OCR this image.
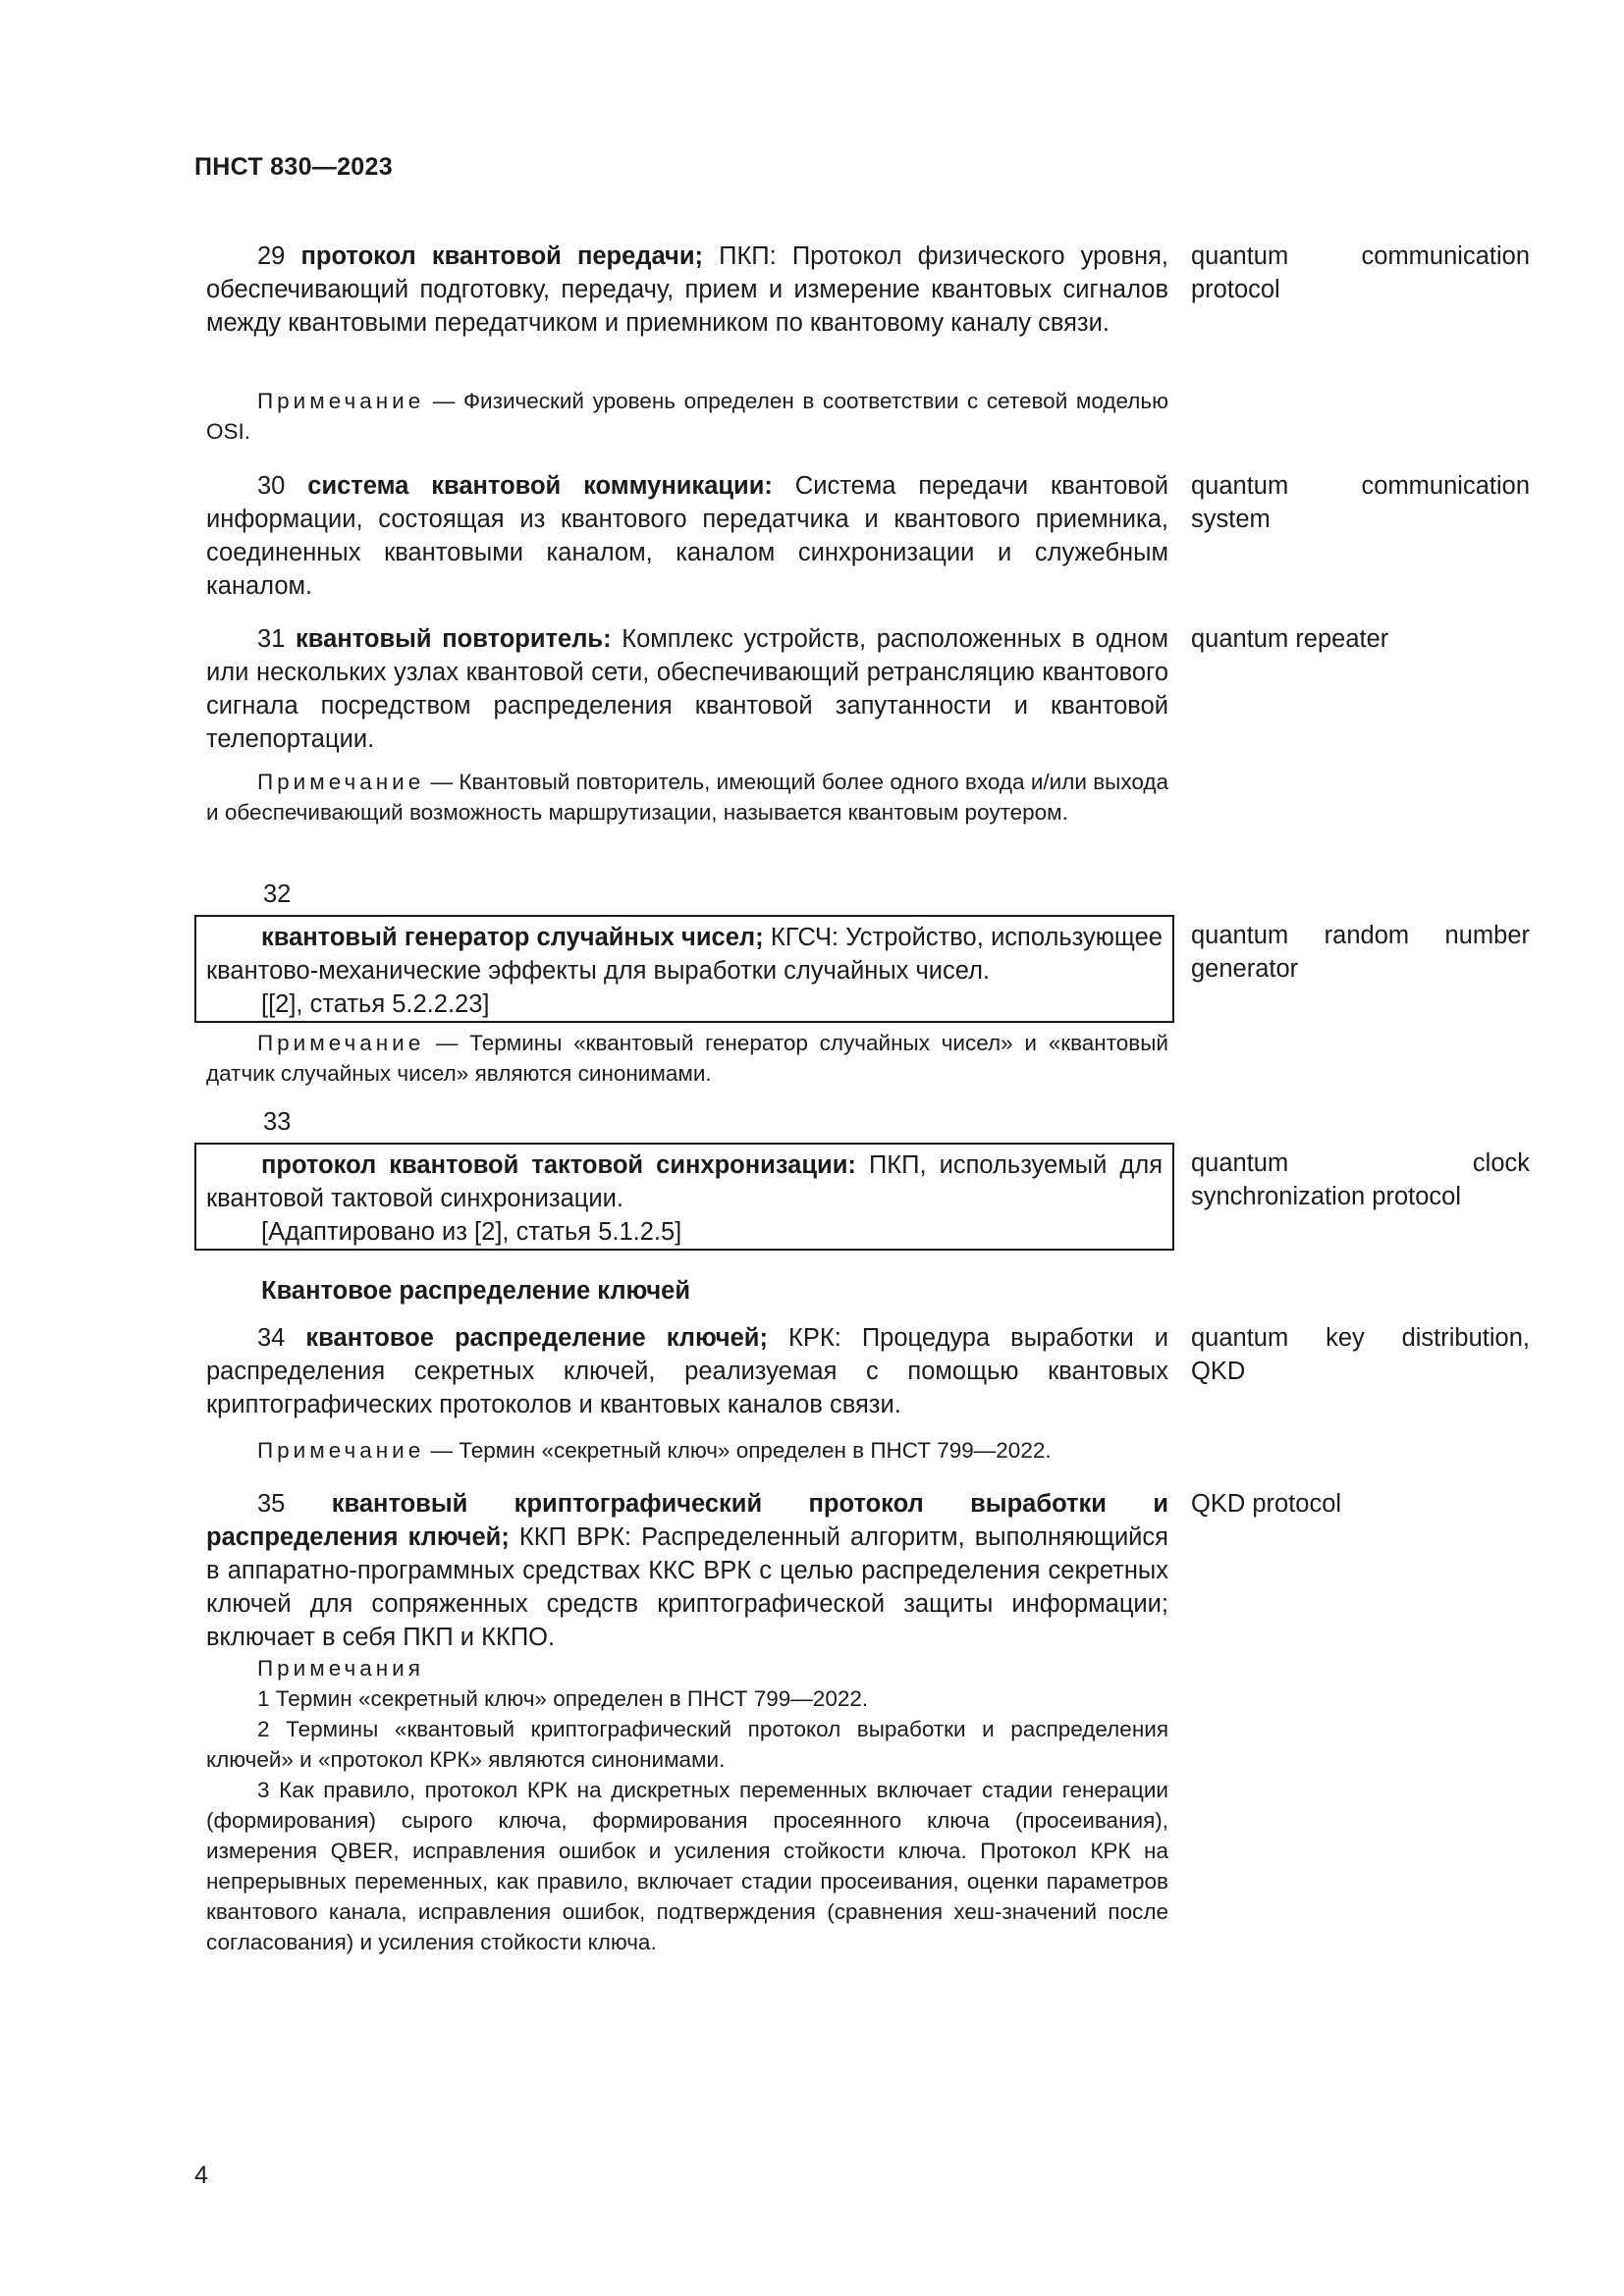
ПНСТ 830—2023

29 протокол квантовой передачи; ПКП: Протокол физического уровня, обеспечивающий подготовку, передачу, прием и измерение квантовых сигналов между квантовыми передатчиком и приемником по квантовому каналу связи.

quantum communication protocol

Примечание — Физический уровень определен в соответствии с сетевой моделью OSI.

30 система квантовой коммуникации: Система передачи квантовой информации, состоящая из квантового передатчика и квантового приемника, соединенных квантовыми каналом, каналом синхронизации и служебным каналом.

quantum communication system

31 квантовый повторитель: Комплекс устройств, расположенных в одном или нескольких узлах квантовой сети, обеспечивающий ретрансляцию квантового сигнала посредством распределения квантовой запутанности и квантовой телепортации.

quantum repeater

Примечание — Квантовый повторитель, имеющий более одного входа и/или выхода и обеспечивающий возможность маршрутизации, называется квантовым роутером.

32

квантовый генератор случайных чисел; КГСЧ: Устройство, использующее квантово-механические эффекты для выработки случайных чисел.

[[2], статья 5.2.2.23]

quantum random number generator

Примечание — Термины «квантовый генератор случайных чисел» и «квантовый датчик случайных чисел» являются синонимами.

33

протокол квантовой тактовой синхронизации: ПКП, используемый для квантовой тактовой синхронизации.

[Адаптировано из [2], статья 5.1.2.5]

quantum clock synchronization protocol
Квантовое распределение ключей

34 квантовое распределение ключей; КРК: Процедура выработки и распределения секретных ключей, реализуемая с помощью квантовых криптографических протоколов и квантовых каналов связи.

quantum key distribution, QKD

Примечание — Термин «секретный ключ» определен в ПНСТ 799—2022.

35 квантовый криптографический протокол выработки и распределения ключей; ККП ВРК: Распределенный алгоритм, выполняющийся в аппаратно-программных средствах ККС ВРК с целью распределения секретных ключей для сопряженных средств криптографической защиты информации; включает в себя ПКП и ККПО.

QKD protocol

Примечания

1 Термин «секретный ключ» определен в ПНСТ 799—2022.

2 Термины «квантовый криптографический протокол выработки и распределения ключей» и «протокол КРК» являются синонимами.

3 Как правило, протокол КРК на дискретных переменных включает стадии генерации (формирования) сырого ключа, формирования просеянного ключа (просеивания), измерения QBER, исправления ошибок и усиления стойкости ключа. Протокол КРК на непрерывных переменных, как правило, включает стадии просеивания, оценки параметров квантового канала, исправления ошибок, подтверждения (сравнения хеш-значений после согласования) и усиления стойкости ключа.

4
